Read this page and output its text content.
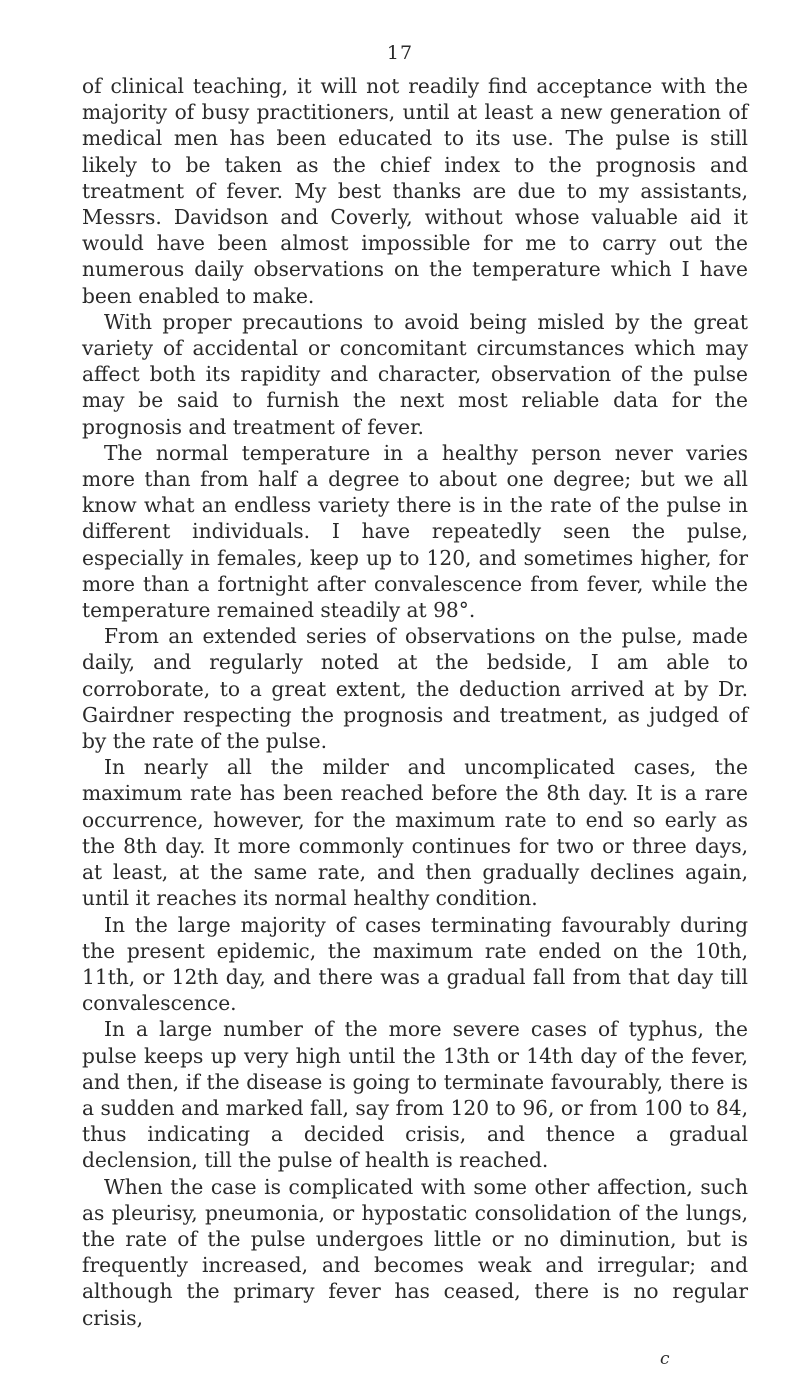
17

of clinical teaching, it will not readily find acceptance with the majority of busy practitioners, until at least a new generation of medical men has been educated to its use. The pulse is still likely to be taken as the chief index to the prognosis and treatment of fever. My best thanks are due to my assistants, Messrs. Davidson and Coverly, without whose valuable aid it would have been almost impossible for me to carry out the numerous daily observations on the temperature which I have been enabled to make.

With proper precautions to avoid being misled by the great variety of accidental or concomitant circumstances which may affect both its rapidity and character, observation of the pulse may be said to furnish the next most reliable data for the prognosis and treatment of fever.

The normal temperature in a healthy person never varies more than from half a degree to about one degree; but we all know what an endless variety there is in the rate of the pulse in different individuals. I have repeatedly seen the pulse, especially in females, keep up to 120, and sometimes higher, for more than a fortnight after convalescence from fever, while the temperature remained steadily at 98°.

From an extended series of observations on the pulse, made daily, and regularly noted at the bedside, I am able to corroborate, to a great extent, the deduction arrived at by Dr. Gairdner respecting the prognosis and treatment, as judged of by the rate of the pulse.

In nearly all the milder and uncomplicated cases, the maximum rate has been reached before the 8th day. It is a rare occurrence, however, for the maximum rate to end so early as the 8th day. It more commonly continues for two or three days, at least, at the same rate, and then gradually declines again, until it reaches its normal healthy condition.

In the large majority of cases terminating favourably during the present epidemic, the maximum rate ended on the 10th, 11th, or 12th day, and there was a gradual fall from that day till convalescence.

In a large number of the more severe cases of typhus, the pulse keeps up very high until the 13th or 14th day of the fever, and then, if the disease is going to terminate favourably, there is a sudden and marked fall, say from 120 to 96, or from 100 to 84, thus indicating a decided crisis, and thence a gradual declension, till the pulse of health is reached.

When the case is complicated with some other affection, such as pleurisy, pneumonia, or hypostatic consolidation of the lungs, the rate of the pulse undergoes little or no diminution, but is frequently increased, and becomes weak and irregular; and although the primary fever has ceased, there is no regular crisis,

c
